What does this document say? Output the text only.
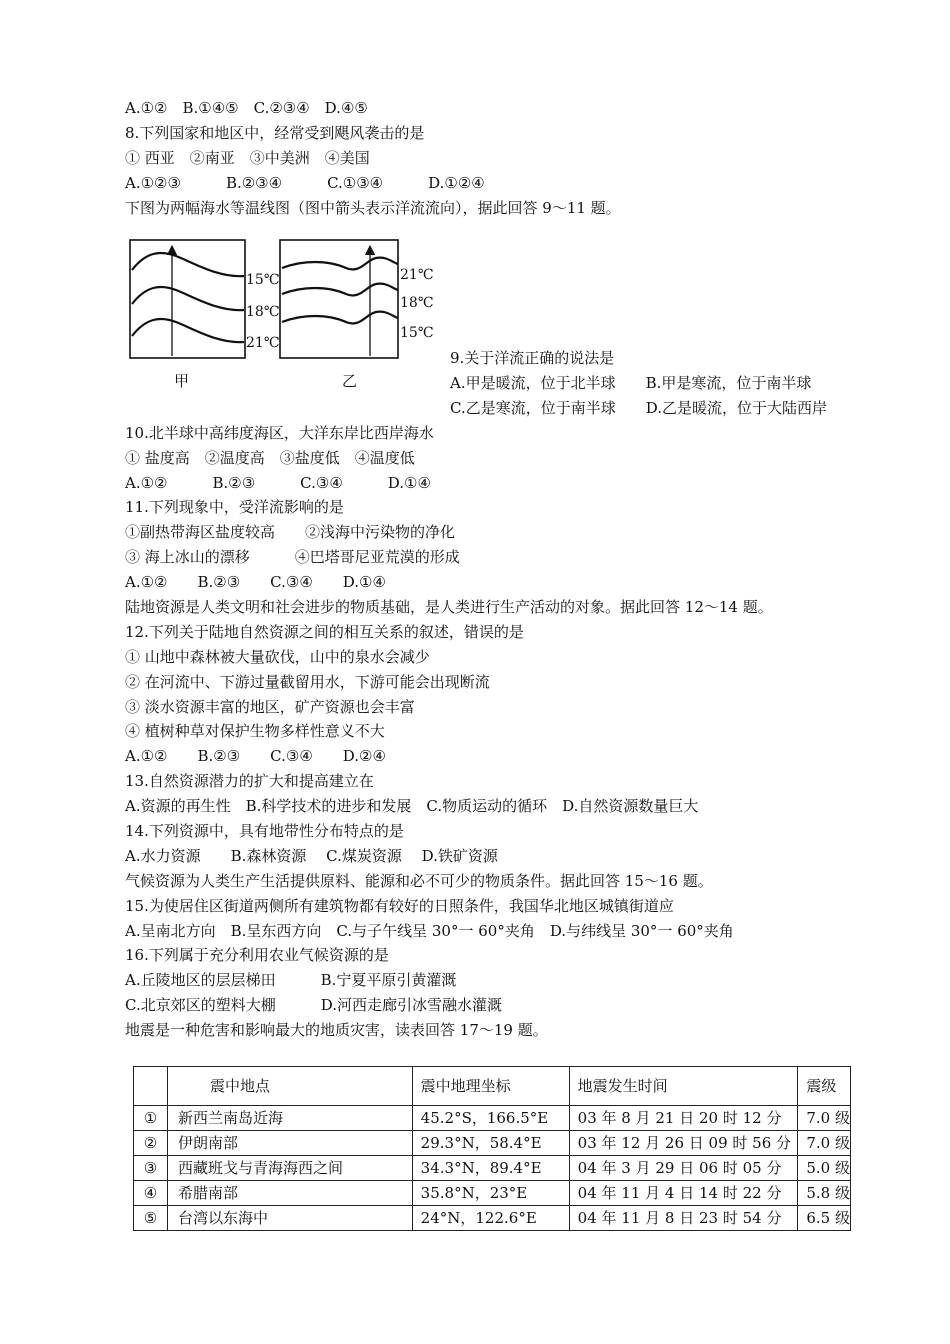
A.①②　B.①④⑤　C.②③④　D.④⑤
8.下列国家和地区中，经常受到飓风袭击的是
① 西亚　②南亚　③中美洲　④美国
A.①②③　　　B.②③④　　　C.①③④　　　D.①②④
下图为两幅海水等温线图（图中箭头表示洋流流向），据此回答 9～11 题。
15℃
18℃
21℃
21℃
18℃
15℃
甲	乙
9.关于洋流正确的说法是
A.甲是暖流，位于北半球　　B.甲是寒流，位于南半球
C.乙是寒流，位于南半球　　D.乙是暖流，位于大陆西岸
10.北半球中高纬度海区，大洋东岸比西岸海水
① 盐度高　②温度高　③盐度低　④温度低
A.①②　　　B.②③　　　C.③④　　　D.①④
11.下列现象中，受洋流影响的是
①副热带海区盐度较高　　②浅海中污染物的净化
③ 海上冰山的漂移　　　④巴塔哥尼亚荒漠的形成
A.①②　　B.②③　　C.③④　　D.①④
陆地资源是人类文明和社会进步的物质基础，是人类进行生产活动的对象。据此回答 12～14 题。
12.下列关于陆地自然资源之间的相互关系的叙述，错误的是
① 山地中森林被大量砍伐，山中的泉水会减少
② 在河流中、下游过量截留用水，下游可能会出现断流
③ 淡水资源丰富的地区，矿产资源也会丰富
④ 植树种草对保护生物多样性意义不大
A.①②　　B.②③　　C.③④　　D.②④
13.自然资源潜力的扩大和提高建立在
A.资源的再生性　B.科学技术的进步和发展　C.物质运动的循环　D.自然资源数量巨大
14.下列资源中，具有地带性分布特点的是
A.水力资源　　B.森林资源　 C.煤炭资源　 D.铁矿资源
气候资源为人类生产生活提供原料、能源和必不可少的物质条件。据此回答 15～16 题。
15.为使居住区街道两侧所有建筑物都有较好的日照条件，我国华北地区城镇街道应
A.呈南北方向　B.呈东西方向　C.与子午线呈 30°一 60°夹角　D.与纬线呈 30°一 60°夹角
16.下列属于充分利用农业气候资源的是
A.丘陵地区的层层梯田　　　B.宁夏平原引黄灌溉
C.北京郊区的塑料大棚　　　D.河西走廊引冰雪融水灌溉
地震是一种危害和影响最大的地质灾害，读表回答 17～19 题。
	震中地点	震中地理坐标	地震发生时间	震级
①	新西兰南岛近海	45.2°S，166.5°E	03 年 8 月 21 日 20 时 12 分	7.0 级
②	伊朗南部	29.3°N，58.4°E	03 年 12 月 26 日 09 时 56 分	7.0 级
③	西藏班戈与青海海西之间	34.3°N，89.4°E	04 年 3 月 29 日 06 时 05 分	5.0 级
④	希腊南部	35.8°N，23°E	04 年 11 月 4 日 14 时 22 分	5.8 级
⑤	台湾以东海中	24°N，122.6°E	04 年 11 月 8 日 23 时 54 分	6.5 级
